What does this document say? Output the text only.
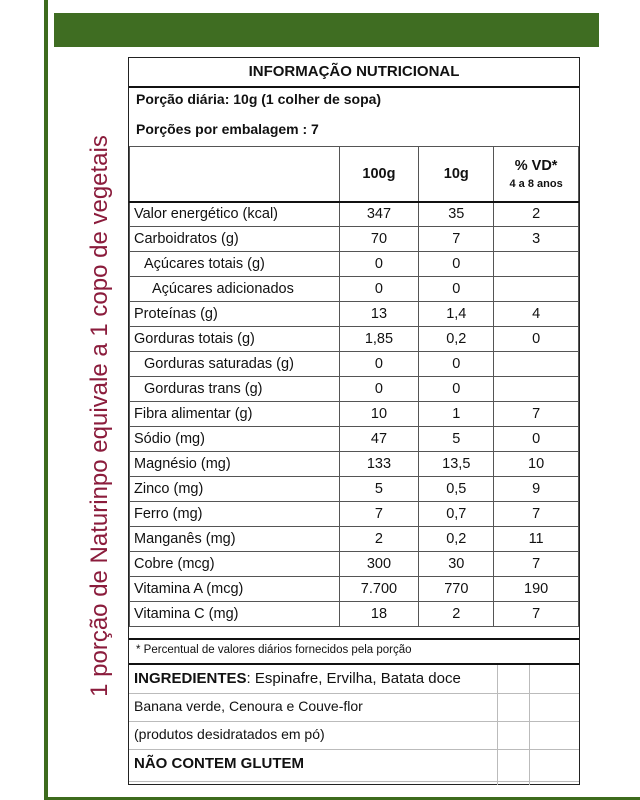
1 porção de Naturinpo equivale a 1 copo de vegetais
INFORMAÇÃO NUTRICIONAL
Porção diária: 10g (1 colher de sopa)
Porções por embalagem : 7
	100g	10g	% VD*
4 a 8 anos

Valor energético (kcal)	347	35	2
Carboidratos (g)	70	7	3
Açúcares totais (g)	0	0	
Açúcares adicionados	0	0	
Proteínas (g)	13	1,4	4
Gorduras totais (g)	1,85	0,2	0
Gorduras saturadas (g)	0	0	
Gorduras trans (g)	0	0	
Fibra alimentar (g)	10	1	7
Sódio (mg)	47	5	0
Magnésio (mg)	133	13,5	10
Zinco (mg)	5	0,5	9
Ferro (mg)	7	0,7	7
Manganês (mg)	2	0,2	11
Cobre (mcg)	300	30	7
Vitamina A (mcg)	7.700	770	190
Vitamina C (mg)	18	2	7
* Percentual de valores diários fornecidos pela porção
INGREDIENTES: Espinafre, Ervilha, Batata doce
Banana verde, Cenoura e Couve-flor
(produtos desidratados em pó)
NÃO CONTEM GLUTEM
